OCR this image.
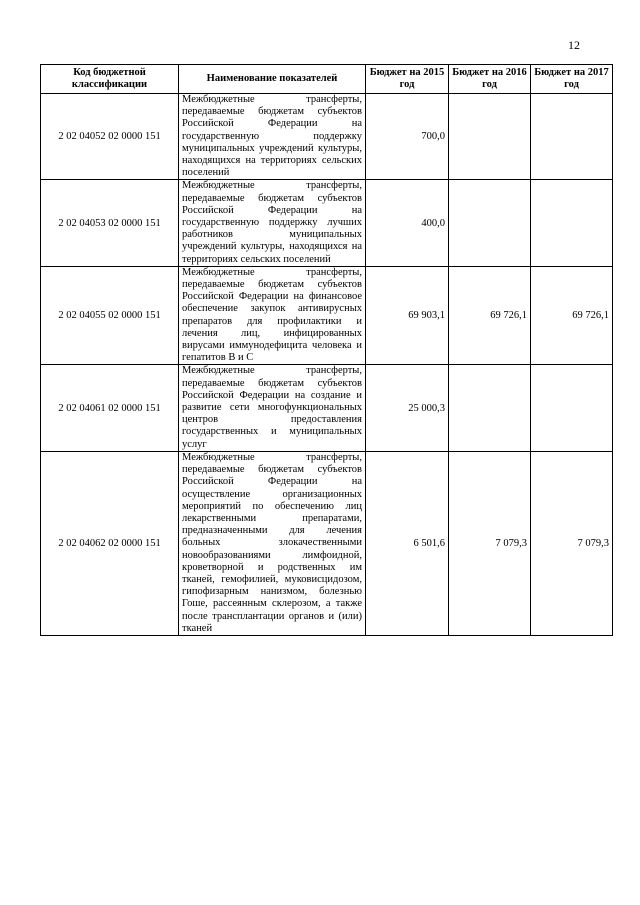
12
Код бюджетной классификации	Наименование показателей	Бюджет на 2015 год	Бюджет на 2016 год	Бюджет на 2017 год
2 02 04052 02 0000 151	Межбюджетные трансферты, передаваемые бюджетам субъектов Российской Федерации на государственную поддержку муниципальных учреждений культуры, находящихся на территориях сельских поселений	700,0		
2 02 04053 02 0000 151	Межбюджетные трансферты, передаваемые бюджетам субъектов Российской Федерации на государственную поддержку лучших работников муниципальных учреждений культуры, находящихся на территориях сельских поселений	400,0		
2 02 04055 02 0000 151	Межбюджетные трансферты, передаваемые бюджетам субъектов Российской Федерации на финансовое обеспечение закупок антивирусных препаратов для профилактики и лечения лиц, инфицированных вирусами иммунодефицита человека и гепатитов B и C	69 903,1	69 726,1	69 726,1
2 02 04061 02 0000 151	Межбюджетные трансферты, передаваемые бюджетам субъектов Российской Федерации на создание и развитие сети многофункциональных центров предоставления государственных и муниципальных услуг	25 000,3		
2 02 04062 02 0000 151	Межбюджетные трансферты, передаваемые бюджетам субъектов Российской Федерации на осуществление организационных мероприятий по обеспечению лиц лекарственными препаратами, предназначенными для лечения больных злокачественными новообразованиями лимфоидной, кроветворной и родственных им тканей, гемофилией, муковисцидозом, гипофизарным нанизмом, болезнью Гоше, рассеянным склерозом, а также после трансплантации органов и (или) тканей	6 501,6	7 079,3	7 079,3
